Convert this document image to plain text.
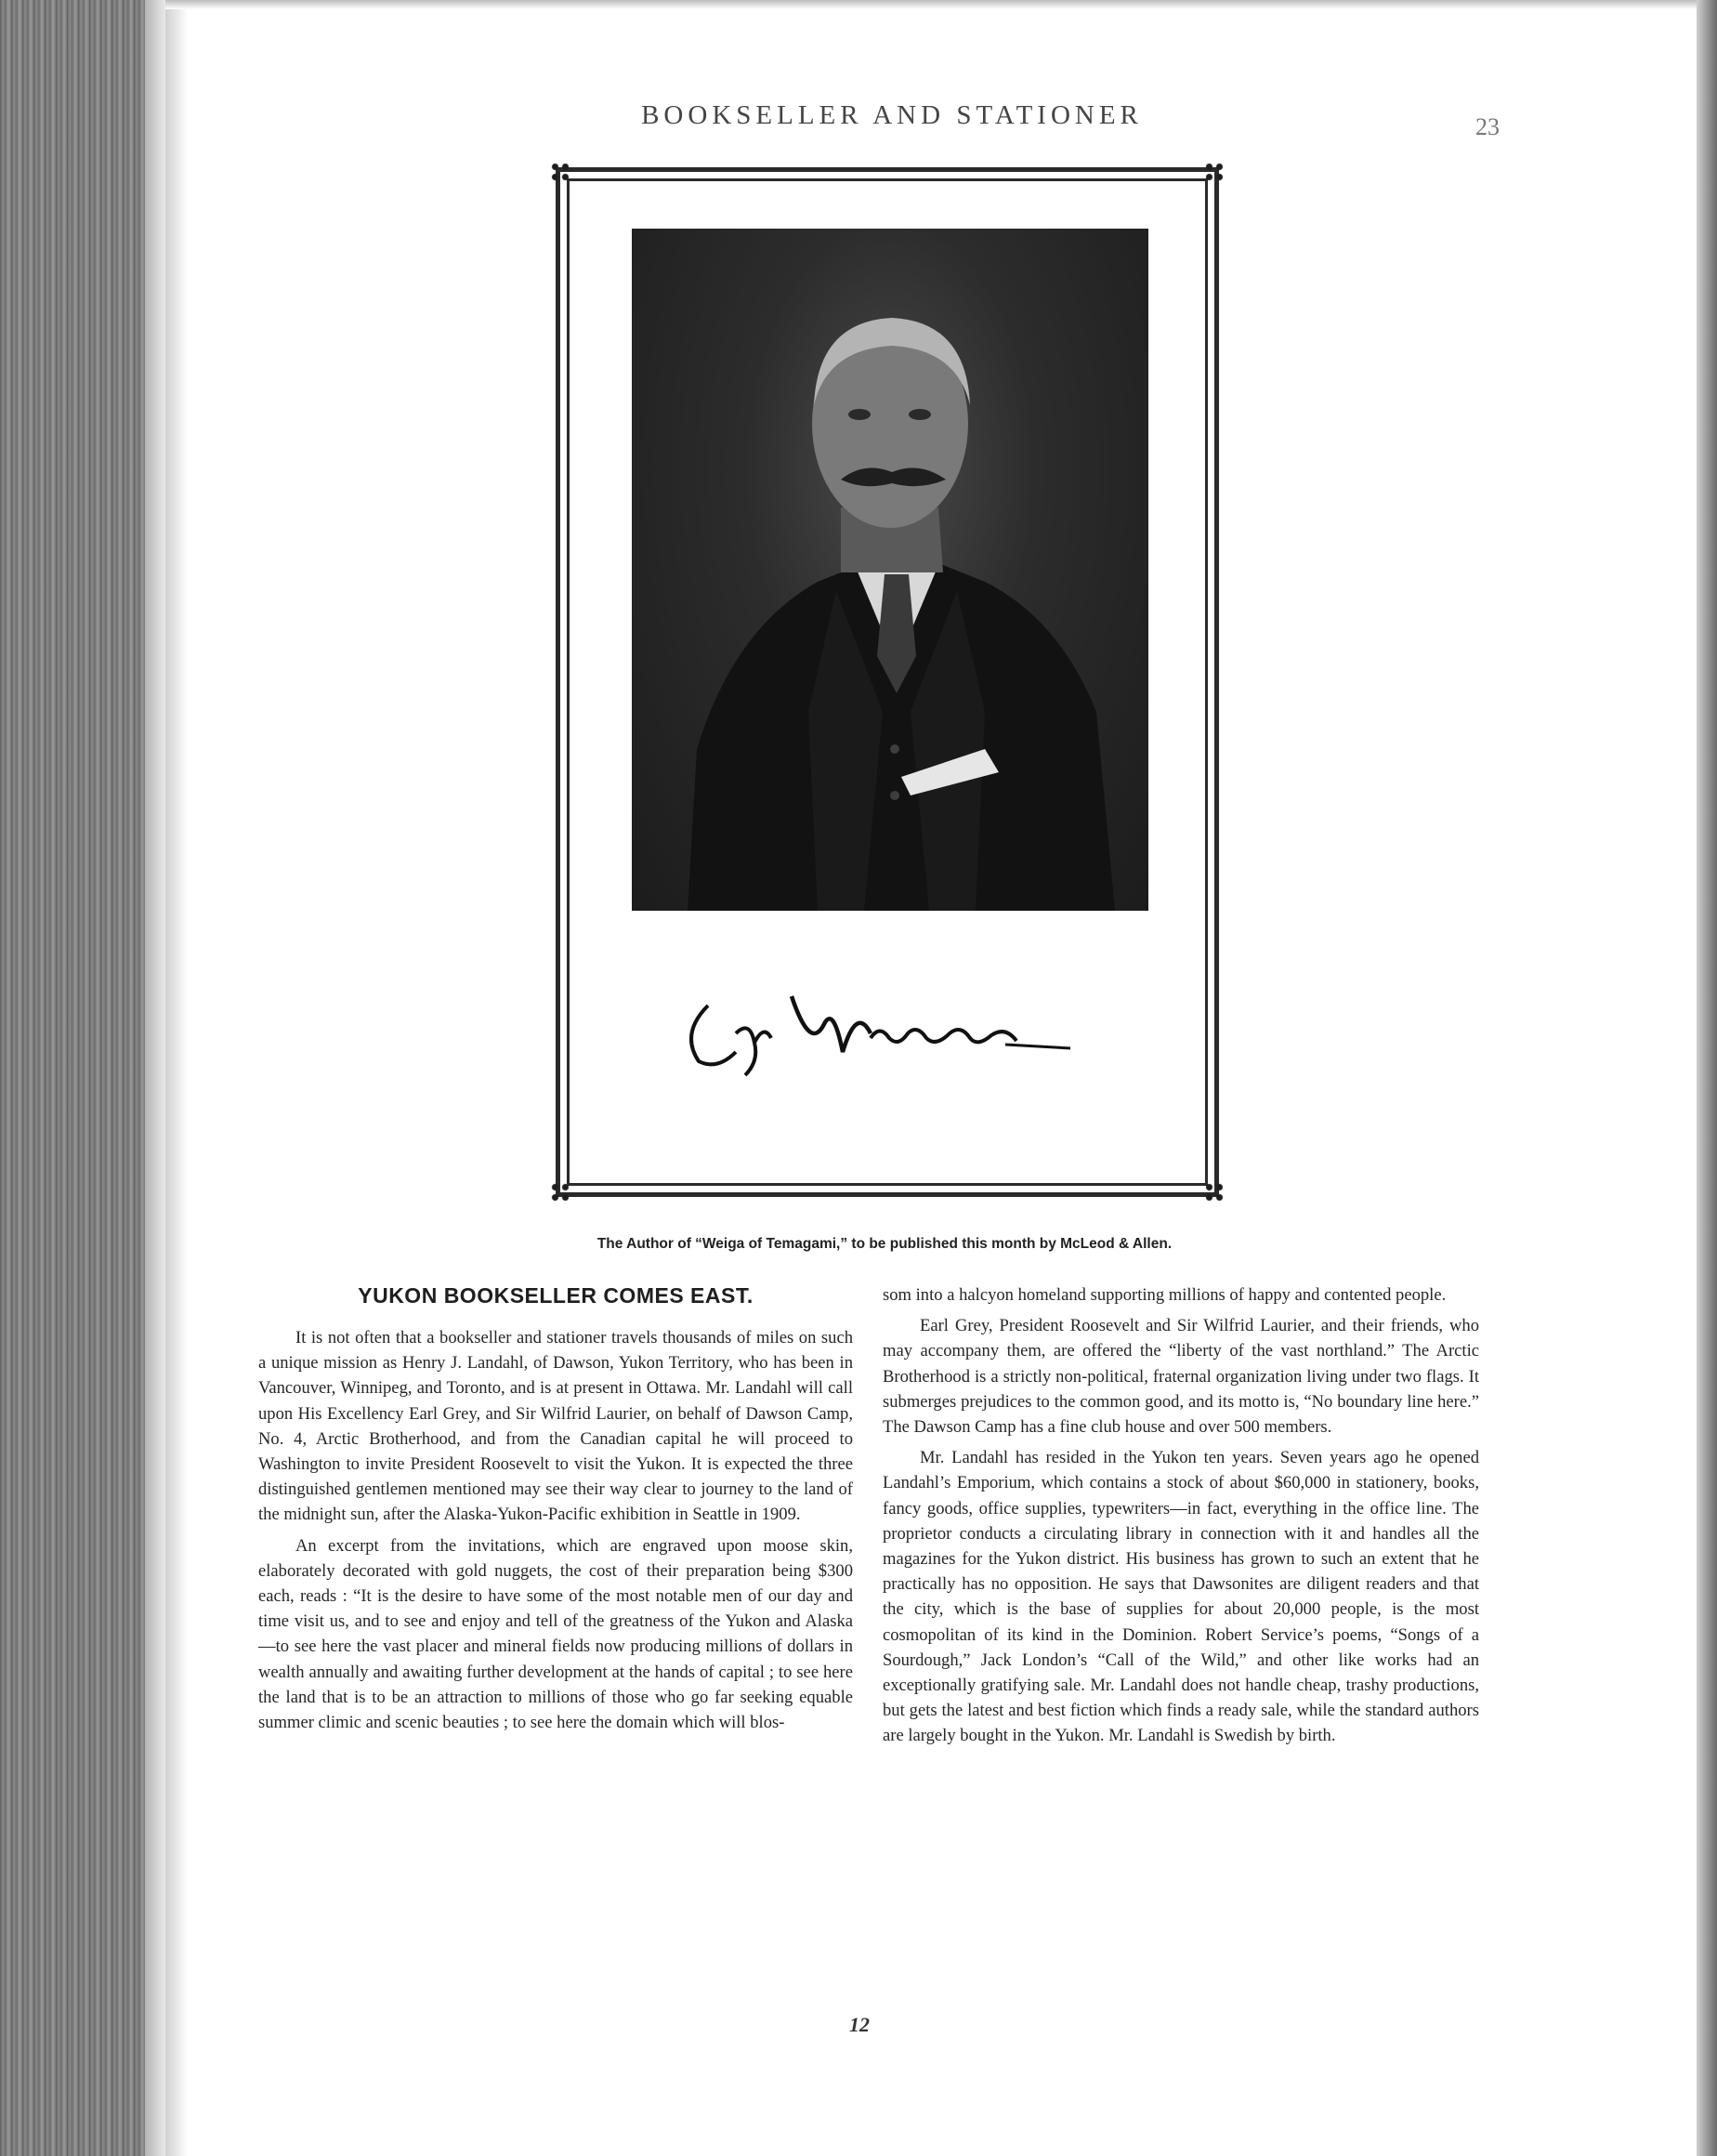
BOOKSELLER AND STATIONER	23
The Author of “Weiga of Temagami,” to be published this month by McLeod & Allen.
YUKON BOOKSELLER COMES EAST.

It is not often that a bookseller and stationer travels thousands of miles on such a unique mission as Henry J. Landahl, of Dawson, Yukon Territory, who has been in Vancouver, Winnipeg, and Toronto, and is at present in Ottawa. Mr. Landahl will call upon His Excellency Earl Grey, and Sir Wilfrid Laurier, on behalf of Dawson Camp, No. 4, Arctic Brotherhood, and from the Canadian capital he will proceed to Washington to invite President Roosevelt to visit the Yukon. It is expected the three distinguished gentlemen mentioned may see their way clear to journey to the land of the midnight sun, after the Alaska-Yukon-Pacific exhibition in Seattle in 1909.

An excerpt from the invitations, which are engraved upon moose skin, elaborately decorated with gold nuggets, the cost of their preparation being $300 each, reads : “It is the desire to have some of the most notable men of our day and time visit us, and to see and enjoy and tell of the greatness of the Yukon and Alaska —to see here the vast placer and mineral fields now producing millions of dollars in wealth annually and awaiting further development at the hands of capital ; to see here the land that is to be an attraction to millions of those who go far seeking equable summer climic and scenic beauties ; to see here the domain which will blos-

som into a halcyon homeland supporting millions of happy and contented people.

Earl Grey, President Roosevelt and Sir Wilfrid Laurier, and their friends, who may accompany them, are offered the “liberty of the vast northland.” The Arctic Brotherhood is a strictly non-political, fraternal organization living under two flags. It submerges prejudices to the common good, and its motto is, “No boundary line here.” The Dawson Camp has a fine club house and over 500 members.

Mr. Landahl has resided in the Yukon ten years. Seven years ago he opened Landahl’s Emporium, which contains a stock of about $60,000 in stationery, books, fancy goods, office supplies, typewriters—in fact, everything in the office line. The proprietor conducts a circulating library in connection with it and handles all the magazines for the Yukon district. His business has grown to such an extent that he practically has no opposition. He says that Dawsonites are diligent readers and that the city, which is the base of supplies for about 20,000 people, is the most cosmopolitan of its kind in the Dominion. Robert Service’s poems, “Songs of a Sourdough,” Jack London’s “Call of the Wild,” and other like works had an exceptionally gratifying sale. Mr. Landahl does not handle cheap, trashy productions, but gets the latest and best fiction which finds a ready sale, while the standard authors are largely bought in the Yukon. Mr. Landahl is Swedish by birth.

12
